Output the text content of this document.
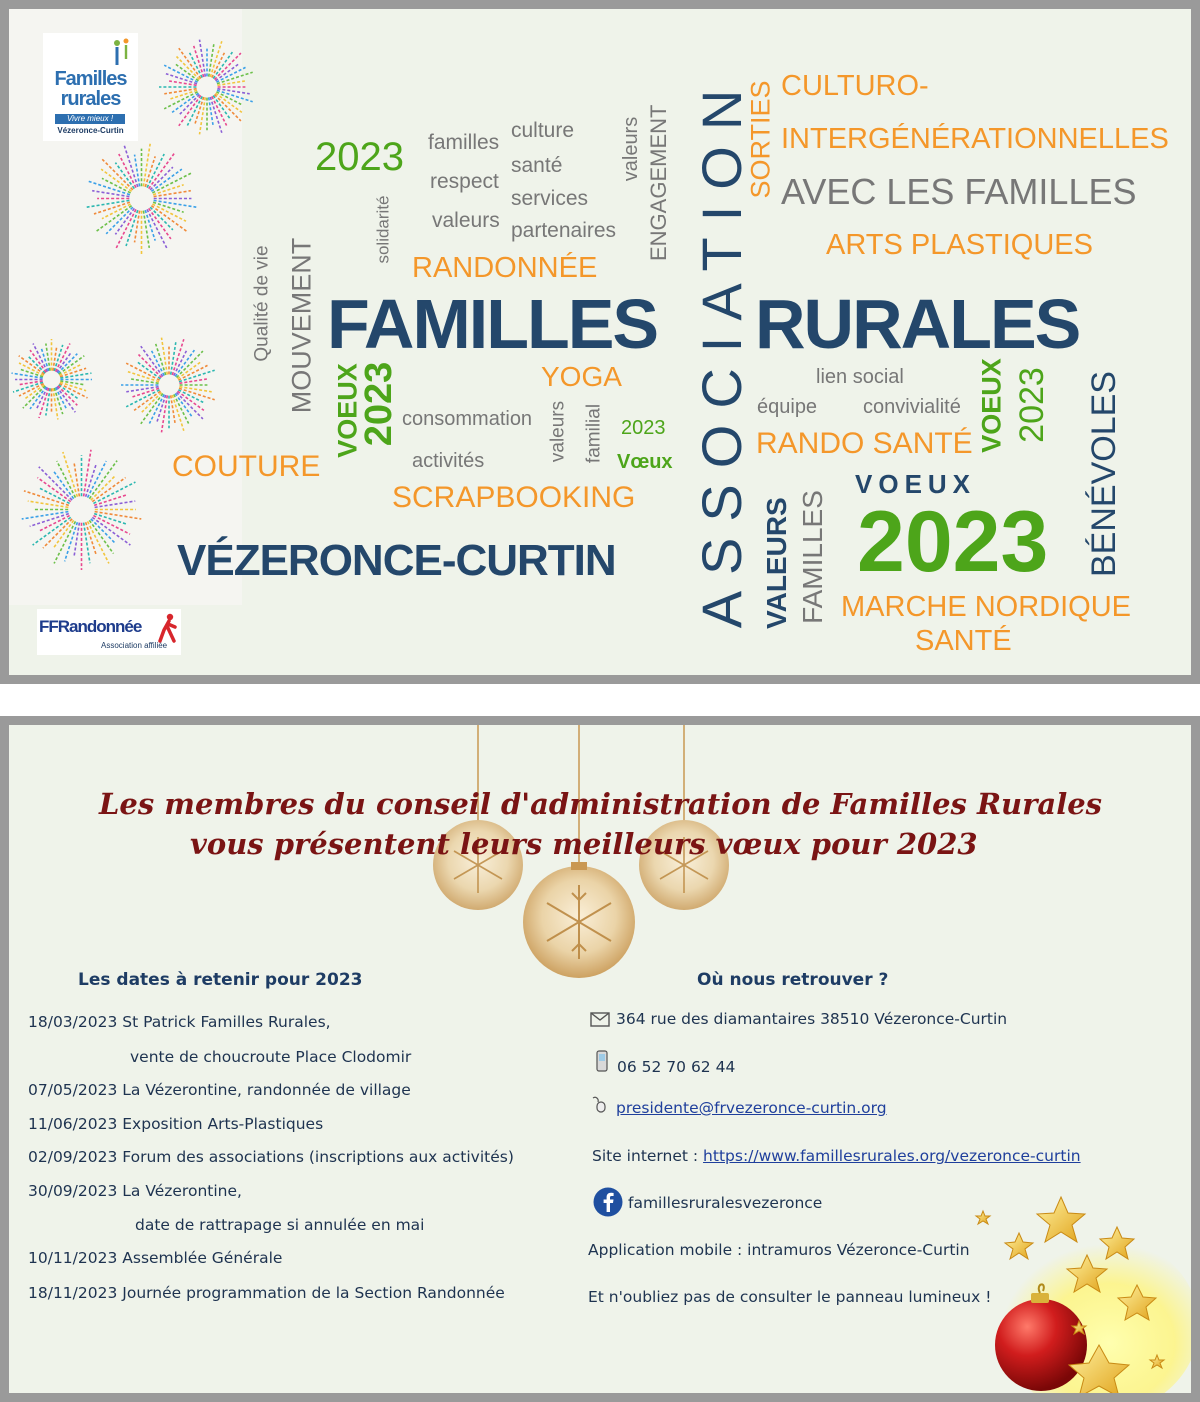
Familles
rurales
Vivre mieux !
Vézeronce-Curtin
FFRandonnée
Association affiliée
FAMILLES RURALES
ASSOCIATION
VÉZERONCE-CURTIN	2023
VOEUX
2023 familles
culture
santé
respect
services
valeurs partenaires
valeurs ENGAGEMENT
solidarité
RANDONNÉE
Qualité de vie MOUVEMENT VOEUX
2023 consommation
activités	valeurs familial 2023
Vœux
YOGA
COUTURE
SCRAPBOOKING
SORTIES CULTURO-
INTERGÉNÉRATIONNELLES
AVEC LES FAMILLES
ARTS PLASTIQUES
lien social
équipe convivialité
RANDO SANTÉ VOEUX 2023 BÉNÉVOLES
VALEURS FAMILLES MARCHE NORDIQUE
SANTÉ
Les membres du conseil d'administration de Familles Rurales
vous présentent leurs meilleurs vœux pour 2023
Les dates à retenir pour 2023
18/03/2023 St Patrick Familles Rurales,
vente de choucroute Place Clodomir
07/05/2023 La Vézerontine, randonnée de village
11/06/2023 Exposition Arts-Plastiques
02/09/2023 Forum des associations (inscriptions aux activités)
30/09/2023 La Vézerontine,
date de rattrapage si annulée en mai
10/11/2023 Assemblée Générale
18/11/2023 Journée programmation de la Section Randonnée
Où nous retrouver ?
364 rue des diamantaires 38510 Vézeronce-Curtin
06 52 70 62 44
presidente@frvezeronce-curtin.org
Site internet : https://www.famillesrurales.org/vezeronce-curtin
famillesruralesvezeronce
Application mobile : intramuros Vézeronce-Curtin
Et n'oubliez pas de consulter le panneau lumineux !
